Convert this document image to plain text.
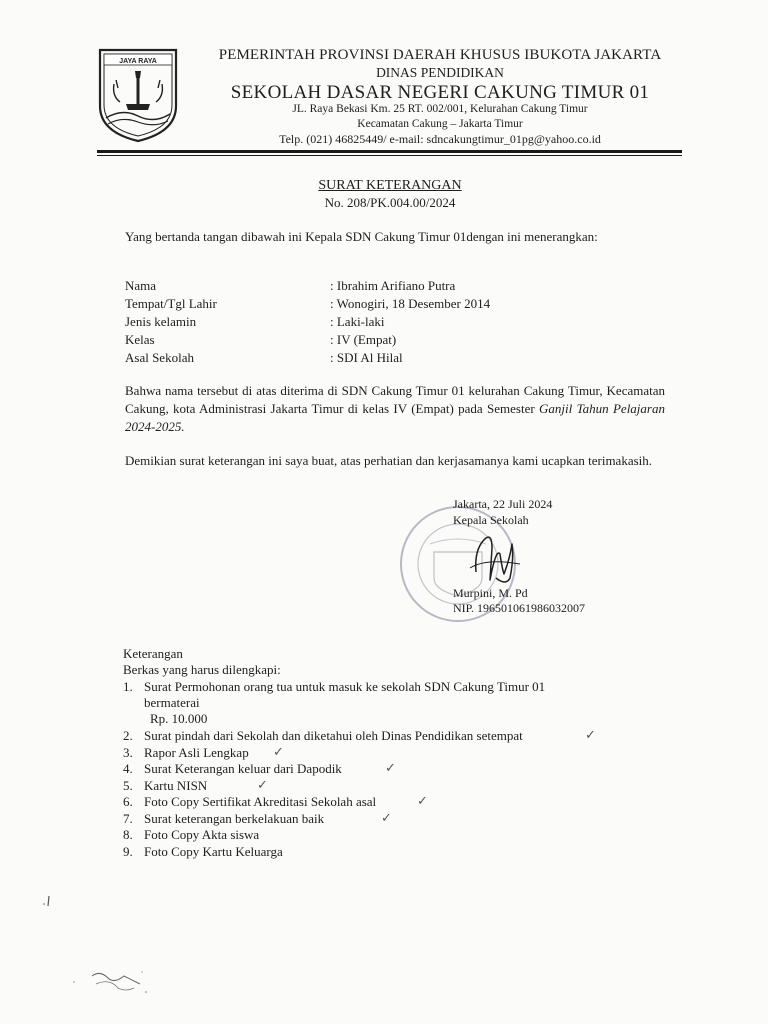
JAYA RAYA	PEMERINTAH PROVINSI DAERAH KHUSUS IBUKOTA JAKARTA
DINAS PENDIDIKAN
SEKOLAH DASAR NEGERI CAKUNG TIMUR 01
JL. Raya Bekasi Km. 25 RT. 002/001, Kelurahan Cakung Timur
Kecamatan Cakung – Jakarta Timur
Telp. (021) 46825449/ e-mail: sdncakungtimur_01pg@yahoo.co.id
SURAT KETERANGAN
No. 208/PK.004.00/2024
Yang bertanda tangan dibawah ini Kepala SDN Cakung Timur 01dengan ini menerangkan:
Nama	: Ibrahim Arifiano Putra
Tempat/Tgl Lahir	: Wonogiri, 18 Desember 2014
Jenis kelamin	: Laki-laki
Kelas	: IV (Empat)
Asal Sekolah	: SDI Al Hilal
Bahwa nama tersebut di atas diterima di SDN Cakung Timur 01 kelurahan Cakung Timur, Kecamatan Cakung, kota Administrasi Jakarta Timur di kelas IV (Empat) pada Semester Ganjil Tahun Pelajaran 2024-2025.
Demikian surat keterangan ini saya buat, atas perhatian dan kerjasamanya kami ucapkan terimakasih.
Jakarta, 22 Juli 2024
Kepala Sekolah
Murpini, M. Pd
NIP. 196501061986032007
Keterangan
Berkas yang harus dilengkapi:
1. Surat Permohonan orang tua untuk masuk ke sekolah SDN Cakung Timur 01
bermaterai
Rp. 10.000
2. Surat pindah dari Sekolah dan diketahui oleh Dinas Pendidikan setempat	✓
3. Rapor Asli Lengkap ✓
4. Surat Keterangan keluar dari Dapodik	✓
5. Kartu NISN	✓
6. Foto Copy Sertifikat Akreditasi Sekolah asal	✓
7. Surat keterangan berkelakuan baik	✓
8. Foto Copy Akta siswa
9. Foto Copy Kartu Keluarga
